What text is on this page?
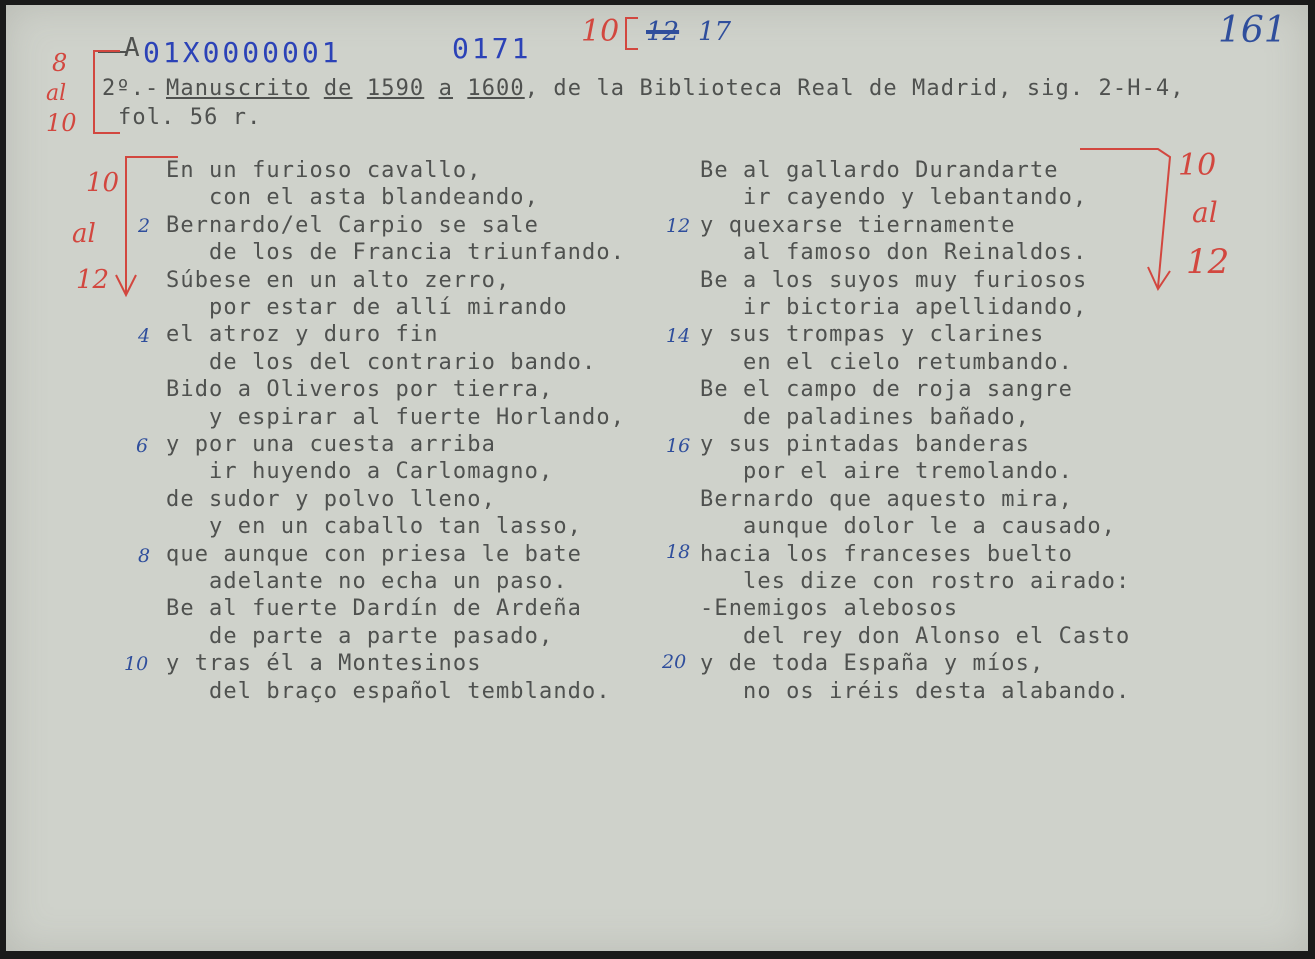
10 12 17	161
A 01X0000001	0171
8
al
10
2º.- Manuscrito de 1590 a 1600, de la Biblioteca Real de Madrid, sig. 2-H-4,
fol. 56 r.
10
al
12
10
al
12
En un furioso cavallo,
con el asta blandeando,
Bernardo/el Carpio se sale
de los de Francia triunfando.
Súbese en un alto zerro,
por estar de allí mirando
el atroz y duro fin
de los del contrario bando.
Bido a Oliveros por tierra,
y espirar al fuerte Horlando,
y por una cuesta arriba
ir huyendo a Carlomagno,
de sudor y polvo lleno,
y en un caballo tan lasso,
que aunque con priesa le bate
adelante no echa un paso.
Be al fuerte Dardín de Ardeña
de parte a parte pasado,
y tras él a Montesinos
del braço español temblando.
2
4
6
8
10
Be al gallardo Durandarte
ir cayendo y lebantando,
y quexarse tiernamente
al famoso don Reinaldos.
Be a los suyos muy furiosos
ir bictoria apellidando,
y sus trompas y clarines
en el cielo retumbando.
Be el campo de roja sangre
de paladines bañado,
y sus pintadas banderas
por el aire tremolando.
Bernardo que aquesto mira,
aunque dolor le a causado,
hacia los franceses buelto
les dize con rostro airado:
-Enemigos alebosos
del rey don Alonso el Casto
y de toda España y míos,
no os iréis desta alabando.
12
14
16
18
20
